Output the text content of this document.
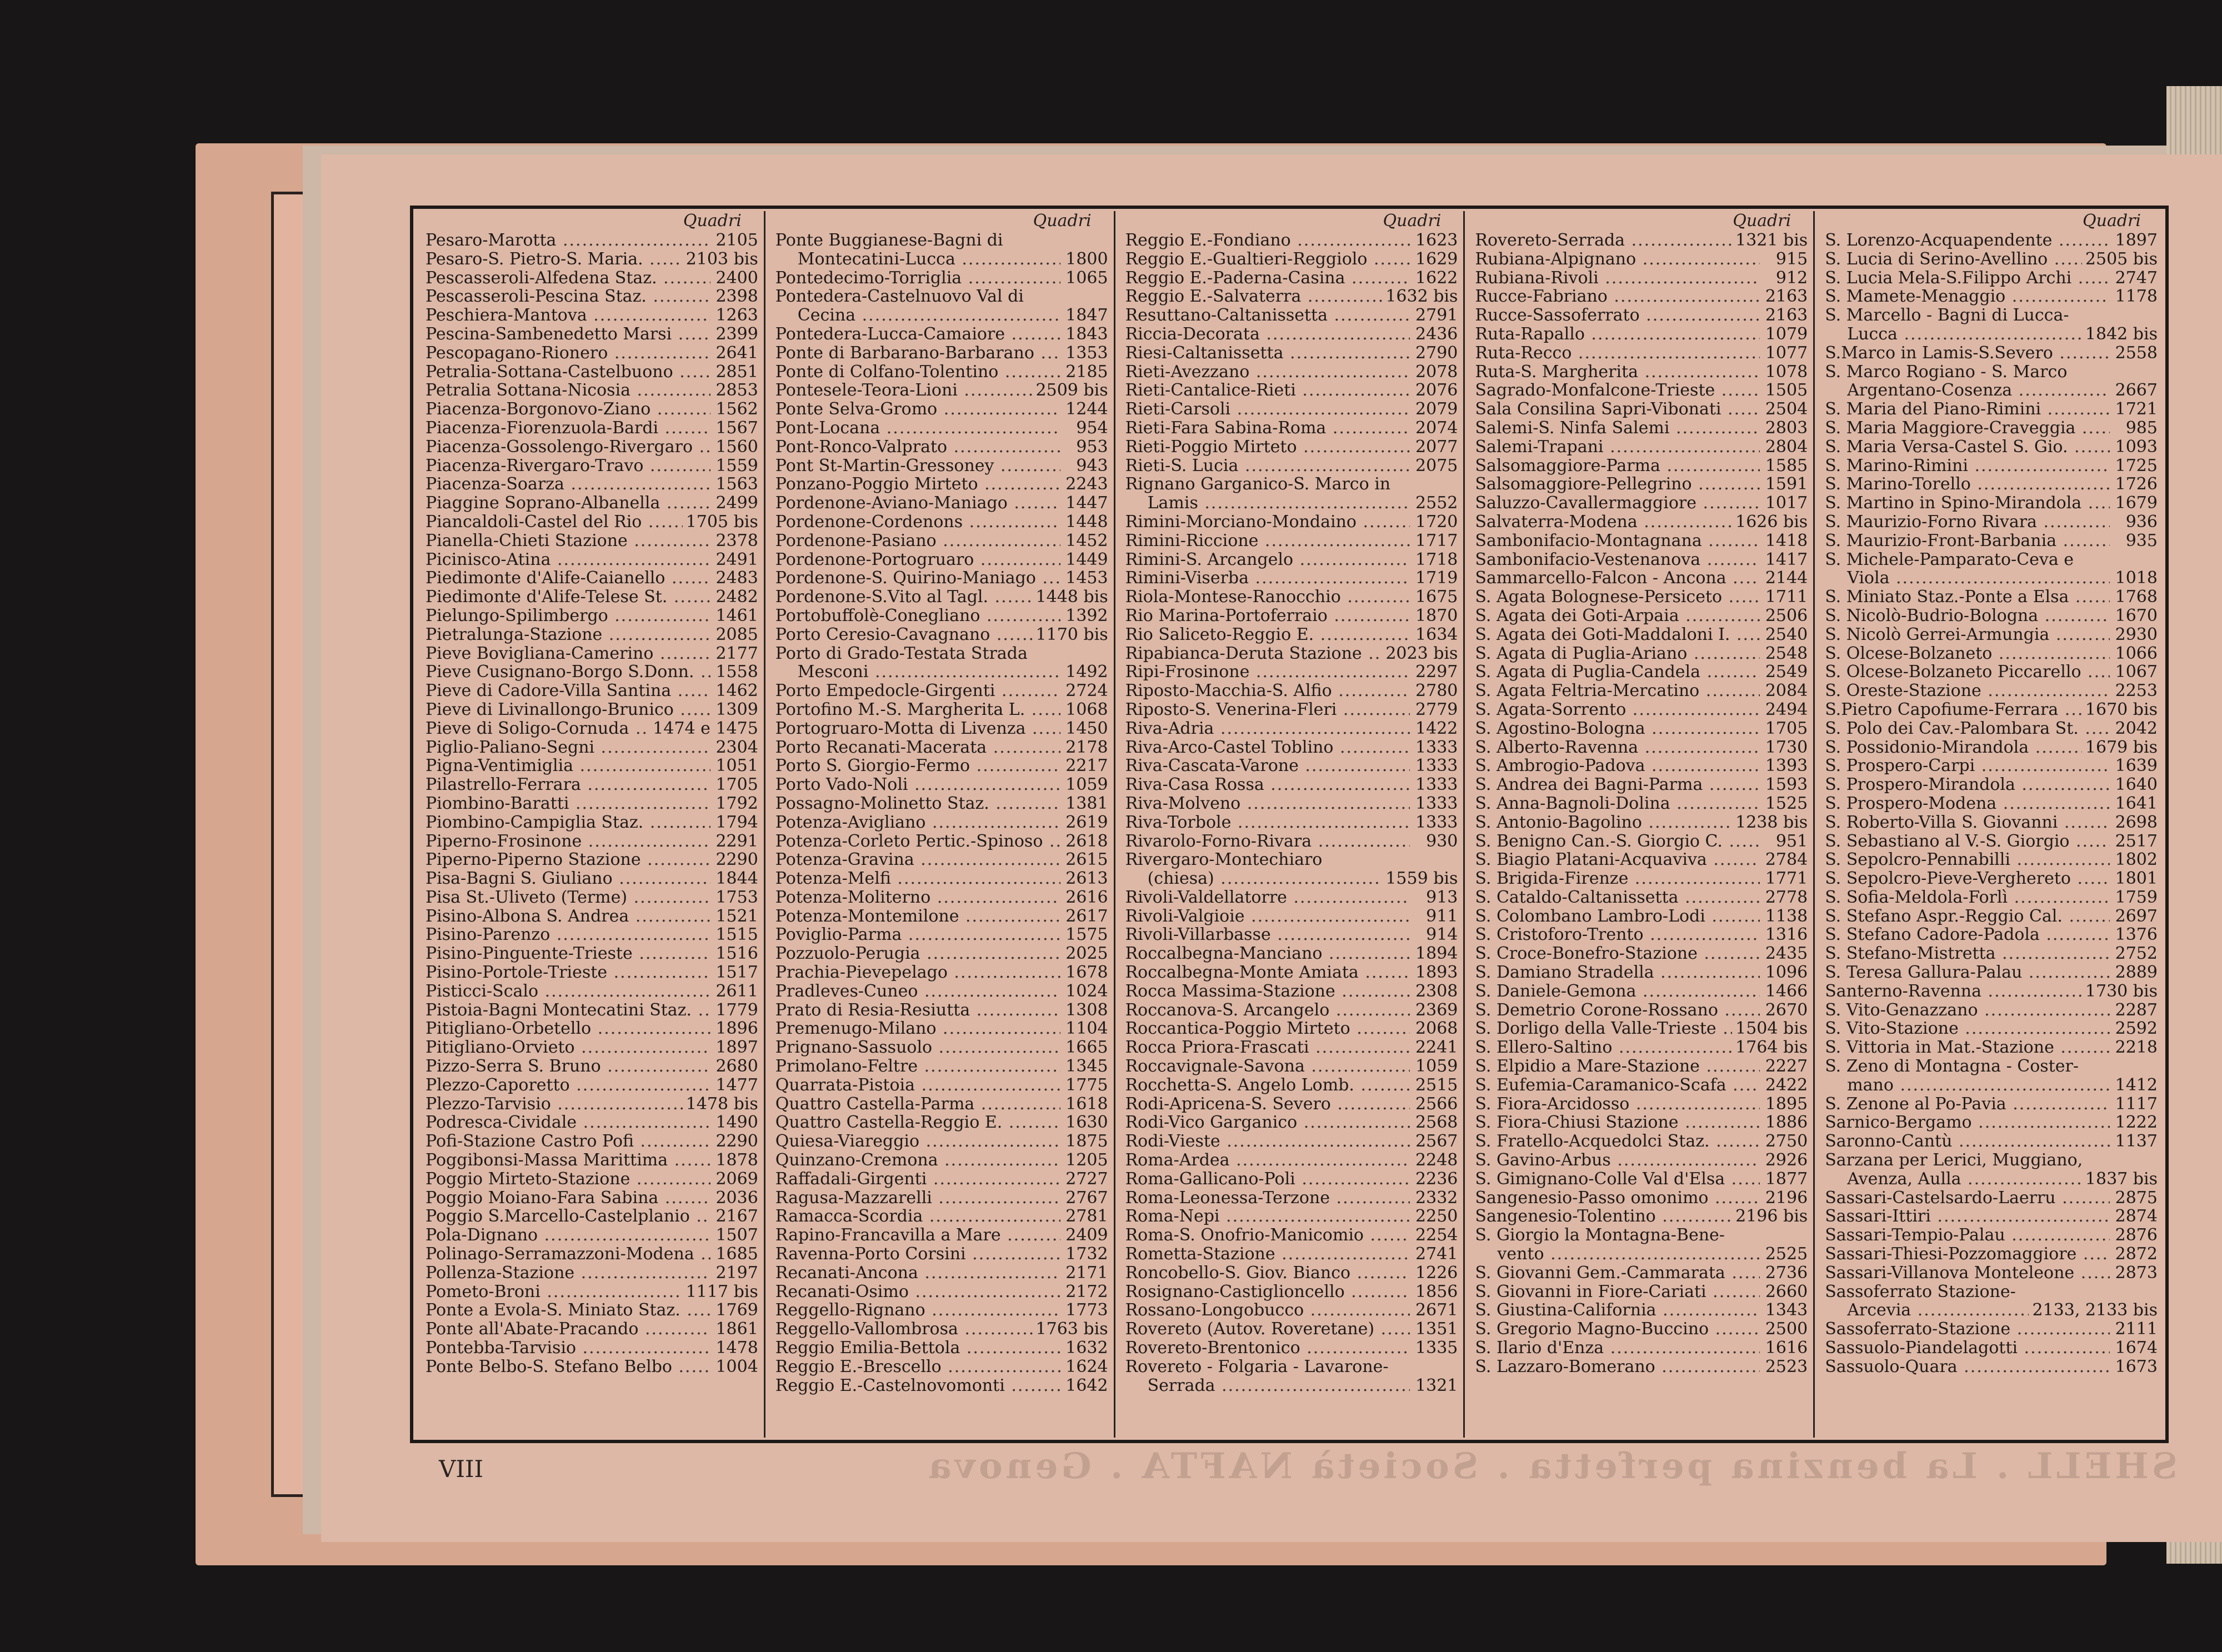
Quadri
Pesaro-Marotta .....	2105
Pesaro-S. Pietro-S. Maria. .....	2103 bis
Pescasseroli-Alfedena Staz. .....	2400
Pescasseroli-Pescina Staz. .....	2398
Peschiera-Mantova .....	1263
Pescina-Sambenedetto Marsi .....	2399
Pescopagano-Rionero .....	2641
Petralia-Sottana-Castelbuono .....	2851
Petralia Sottana-Nicosia .....	2853
Piacenza-Borgonovo-Ziano .....	1562
Piacenza-Fiorenzuola-Bardi .....	1567
Piacenza-Gossolengo-Rivergaro .....	1560
Piacenza-Rivergaro-Travo .....	1559
Piacenza-Soarza .....	1563
Piaggine Soprano-Albanella .....	2499
Piancaldoli-Castel del Rio .....	1705 bis
Pianella-Chieti Stazione .....	2378
Picinisco-Atina .....	2491
Piedimonte d'Alife-Caianello .....	2483
Piedimonte d'Alife-Telese St. .....	2482
Pielungo-Spilimbergo .....	1461
Pietralunga-Stazione .....	2085
Pieve Boviglianа-Camerino .....	2177
Pieve Cusignano-Borgo S.Donn. .....	1558
Pieve di Cadore-Villa Santina .....	1462
Pieve di Livinallongo-Brunico .....	1309
Pieve di Soligo-Cornuda .....	1474 e 1475
Piglio-Paliano-Segni .....	2304
Pigna-Ventimiglia .....	1051
Pilastrello-Ferrara .....	1705
Piombino-Baratti .....	1792
Piombino-Campiglia Staz. .....	1794
Piperno-Frosinone .....	2291
Piperno-Piperno Stazione .....	2290
Pisa-Bagni S. Giuliano .....	1844
Pisa St.-Uliveto (Terme) .....	1753
Pisino-Albona S. Andrea .....	1521
Pisino-Parenzo .....	1515
Pisino-Pinguente-Trieste .....	1516
Pisino-Portole-Trieste .....	1517
Pisticci-Scalo .....	2611
Pistoia-Bagni Montecatini Staz. .....	1779
Pitigliano-Orbetello .....	1896
Pitigliano-Orvieto .....	1897
Pizzo-Serra S. Bruno .....	2680
Plezzo-Caporetto .....	1477
Plezzo-Tarvisio .....	1478 bis
Podresca-Cividale .....	1490
Pofi-Stazione Castro Pofi .....	2290
Poggibonsi-Massa Marittima .....	1878
Poggio Mirteto-Stazione .....	2069
Poggio Moiano-Fara Sabina .....	2036
Poggio S.Marcello-Castelplanio .....	2167
Pola-Dignano .....	1507
Polinago-Serramazzoni-Modena .....	1685
Pollenza-Stazione .....	2197
Pometo-Broni .....	1117 bis
Ponte a Evola-S. Miniato Staz. .....	1769
Ponte all'Abate-Pracando .....	1861
Pontebba-Tarvisio .....	1478
Ponte Belbo-S. Stefano Belbo .....	1004
Quadri
Ponte Buggianese-Bagni di
Montecatini-Lucca .....	1800
Pontedecimo-Torriglia .....	1065
Pontedera-Castelnuovo Val di
Cecina .....	1847
Pontedera-Lucca-Camaiore .....	1843
Ponte di Barbarano-Barbarano .....	1353
Ponte di Colfano-Tolentino .....	2185
Pontesele-Teora-Lioni .....	2509 bis
Ponte Selva-Gromo .....	1244
Pont-Locana .....	954
Pont-Ronco-Valprato .....	953
Pont St-Martin-Gressoney .....	943
Ponzano-Poggio Mirteto .....	2243
Pordenone-Aviano-Maniago .....	1447
Pordenone-Cordenons .....	1448
Pordenone-Pasiano .....	1452
Pordenone-Portogruaro .....	1449
Pordenone-S. Quirino-Maniago .....	1453
Pordenone-S.Vito al Tagl. .....	1448 bis
Portobuffolè-Conegliano .....	1392
Porto Ceresio-Cavagnano .....	1170 bis
Porto di Grado-Testata Strada
Mesconi .....	1492
Porto Empedocle-Girgenti .....	2724
Portofino M.-S. Margherita L. .....	1068
Portogruaro-Motta di Livenza .....	1450
Porto Recanati-Macerata .....	2178
Porto S. Giorgio-Fermo .....	2217
Porto Vado-Noli .....	1059
Possagno-Molinetto Staz. .....	1381
Potenza-Avigliano .....	2619
Potenza-Corleto Pertic.-Spinoso .....	2618
Potenza-Gravina .....	2615
Potenza-Melfi .....	2613
Potenza-Moliterno .....	2616
Potenza-Montemilone .....	2617
Poviglio-Parma .....	1575
Pozzuolo-Perugia .....	2025
Prachia-Pievepelago .....	1678
Pradleves-Cuneo .....	1024
Prato di Resia-Resiutta .....	1308
Premenugo-Milano .....	1104
Prignano-Sassuolo .....	1665
Primolano-Feltre .....	1345
Quarrata-Pistoia .....	1775
Quattro Castella-Parma .....	1618
Quattro Castella-Reggio E. .....	1630
Quiesa-Viareggio .....	1875
Quinzano-Cremona .....	1205
Raffadali-Girgenti .....	2727
Ragusa-Mazzarelli .....	2767
Ramacca-Scordia .....	2781
Rapino-Francavilla a Mare .....	2409
Ravenna-Porto Corsini .....	1732
Recanati-Ancona .....	2171
Recanati-Osimo .....	2172
Reggello-Rignano .....	1773
Reggello-Vallombrosa .....	1763 bis
Reggio Emilia-Bettola .....	1632
Reggio E.-Brescello .....	1624
Reggio E.-Castelnovomonti .....	1642
Quadri
Reggio E.-Fondiano .....	1623
Reggio E.-Gualtieri-Reggiolo .....	1629
Reggio E.-Paderna-Casina .....	1622
Reggio E.-Salvaterra .....	1632 bis
Resuttano-Caltanissetta .....	2791
Riccia-Decorata .....	2436
Riesi-Caltanissetta .....	2790
Rieti-Avezzano .....	2078
Rieti-Cantalice-Rieti .....	2076
Rieti-Carsoli .....	2079
Rieti-Fara Sabina-Roma .....	2074
Rieti-Poggio Mirteto .....	2077
Rieti-S. Lucia .....	2075
Rignano Garganico-S. Marco in
Lamis .....	2552
Rimini-Morciano-Mondaino .....	1720
Rimini-Riccione .....	1717
Rimini-S. Arcangelo .....	1718
Rimini-Viserba .....	1719
Riola-Montese-Ranocchio .....	1675
Rio Marina-Portoferraio .....	1870
Rio Saliceto-Reggio E. .....	1634
Ripabianca-Deruta Stazione .....	2023 bis
Ripi-Frosinone .....	2297
Riposto-Macchia-S. Alfio .....	2780
Riposto-S. Venerina-Fleri .....	2779
Riva-Adria .....	1422
Riva-Arco-Castel Toblino .....	1333
Riva-Cascata-Varone .....	1333
Riva-Casa Rossa .....	1333
Riva-Molveno .....	1333
Riva-Torbole .....	1333
Rivarolo-Forno-Rivara .....	930
Rivergaro-Montechiaro
(chiesa) .....	1559 bis
Rivoli-Valdellatorre .....	913
Rivoli-Valgioie .....	911
Rivoli-Villarbasse .....	914
Roccalbegna-Manciano .....	1894
Roccalbegna-Monte Amiata .....	1893
Rocca Massima-Stazione .....	2308
Roccanova-S. Arcangelo .....	2369
Roccantica-Poggio Mirteto .....	2068
Rocca Priora-Frascati .....	2241
Roccavignale-Savona .....	1059
Rocchetta-S. Angelo Lomb. .....	2515
Rodi-Apricena-S. Severo .....	2566
Rodi-Vico Garganico .....	2568
Rodi-Vieste .....	2567
Roma-Ardea .....	2248
Roma-Gallicano-Poli .....	2236
Roma-Leonessa-Terzone .....	2332
Roma-Nepi .....	2250
Roma-S. Onofrio-Manicomio .....	2254
Rometta-Stazione .....	2741
Roncobello-S. Giov. Bianco .....	1226
Rosignano-Castiglioncello .....	1856
Rossano-Longobucco .....	2671
Rovereto (Autov. Roveretane) .....	1351
Rovereto-Brentonico .....	1335
Rovereto - Folgaria - Lavarone-
Serrada .....	1321
Quadri
Rovereto-Serrada .....	1321 bis
Rubiana-Alpignano .....	915
Rubiana-Rivoli .....	912
Rucce-Fabriano .....	2163
Rucce-Sassoferrato .....	2163
Ruta-Rapallo .....	1079
Ruta-Recco .....	1077
Ruta-S. Margherita .....	1078
Sagrado-Monfalcone-Trieste .....	1505
Sala Consilina Sapri-Vibonati .....	2504
Salemi-S. Ninfa Salemi .....	2803
Salemi-Trapani .....	2804
Salsomaggiore-Parma .....	1585
Salsomaggiore-Pellegrino .....	1591
Saluzzo-Cavallermaggiore .....	1017
Salvaterra-Modena .....	1626 bis
Sambonifacio-Montagnana .....	1418
Sambonifacio-Vestenanova .....	1417
Sammarcello-Falcon - Ancona .....	2144
S. Agata Bolognese-Persiceto .....	1711
S. Agata dei Goti-Arpaia .....	2506
S. Agata dei Goti-Maddaloni I. .....	2540
S. Agata di Puglia-Ariano .....	2548
S. Agata di Puglia-Candela .....	2549
S. Agata Feltria-Mercatino .....	2084
S. Agata-Sorrento .....	2494
S. Agostino-Bologna .....	1705
S. Alberto-Ravenna .....	1730
S. Ambrogio-Padova .....	1393
S. Andrea dei Bagni-Parma .....	1593
S. Anna-Bagnoli-Dolina .....	1525
S. Antonio-Bagolino .....	1238 bis
S. Benigno Can.-S. Giorgio C. .....	951
S. Biagio Platani-Acquaviva .....	2784
S. Brigida-Firenze .....	1771
S. Cataldo-Caltanissetta .....	2778
S. Colombano Lambro-Lodi .....	1138
S. Cristoforo-Trento .....	1316
S. Croce-Bonefro-Stazione .....	2435
S. Damiano Stradella .....	1096
S. Daniele-Gemona .....	1466
S. Demetrio Corone-Rossano .....	2670
S. Dorligo della Valle-Trieste .....	1504 bis
S. Ellero-Saltino .....	1764 bis
S. Elpidio a Mare-Stazione .....	2227
S. Eufemia-Caramanico-Scafa .....	2422
S. Fiora-Arcidosso .....	1895
S. Fiora-Chiusi Stazione .....	1886
S. Fratello-Acquedolci Staz. .....	2750
S. Gavino-Arbus .....	2926
S. Gimignano-Colle Val d'Elsa .....	1877
Sangenesio-Passo omonimo .....	2196
Sangenesio-Tolentino .....	2196 bis
S. Giorgio la Montagna-Bene-
vento .....	2525
S. Giovanni Gem.-Cammarata .....	2736
S. Giovanni in Fiore-Cariati .....	2660
S. Giustina-California .....	1343
S. Gregorio Magno-Buccino .....	2500
S. Ilario d'Enza .....	1616
S. Lazzaro-Bomerano .....	2523
Quadri
S. Lorenzo-Acquapendente .....	1897
S. Lucia di Serino-Avellino .....	2505 bis
S. Lucia Mela-S.Filippo Archi .....	2747
S. Mamete-Menaggio .....	1178
S. Marcello - Bagni di Lucca-
Lucca .....	1842 bis
S.Marco in Lamis-S.Severo .....	2558
S. Marco Rogiano - S. Marco
Argentano-Cosenza .....	2667
S. Maria del Piano-Rimini .....	1721
S. Maria Maggiore-Craveggia .....	985
S. Maria Versa-Castel S. Gio. .....	1093
S. Marino-Rimini .....	1725
S. Marino-Torello .....	1726
S. Martino in Spino-Mirandola .....	1679
S. Maurizio-Forno Rivara .....	936
S. Maurizio-Front-Barbania .....	935
S. Michele-Pamparato-Ceva e
Viola .....	1018
S. Miniato Staz.-Ponte a Elsa .....	1768
S. Nicolò-Budrio-Bologna .....	1670
S. Nicolò Gerrei-Armungia .....	2930
S. Olcese-Bolzaneto .....	1066
S. Olcese-Bolzaneto Piccarello .....	1067
S. Oreste-Stazione .....	2253
S.Pietro Capofiume-Ferrara .....	1670 bis
S. Polo dei Cav.-Palombara St. .....	2042
S. Possidonio-Mirandola .....	1679 bis
S. Prospero-Carpi .....	1639
S. Prospero-Mirandola .....	1640
S. Prospero-Modena .....	1641
S. Roberto-Villa S. Giovanni .....	2698
S. Sebastiano al V.-S. Giorgio .....	2517
S. Sepolcro-Pennabilli .....	1802
S. Sepolcro-Pieve-Verghereto .....	1801
S. Sofia-Meldola-Forlì .....	1759
S. Stefano Aspr.-Reggio Cal. .....	2697
S. Stefano Cadore-Padola .....	1376
S. Stefano-Mistretta .....	2752
S. Teresa Gallura-Palau .....	2889
Santerno-Ravenna .....	1730 bis
S. Vito-Genazzano .....	2287
S. Vito-Stazione .....	2592
S. Vittoria in Mat.-Stazione .....	2218
S. Zeno di Montagna - Coster-
mano .....	1412
S. Zenone al Po-Pavia .....	1117
Sarnico-Bergamo .....	1222
Saronno-Cantù .....	1137
Sarzana per Lerici, Muggiano,
Avenza, Aulla .....	1837 bis
Sassari-Castelsardo-Laerru .....	2875
Sassari-Ittiri .....	2874
Sassari-Tempio-Palau .....	2876
Sassari-Thiesi-Pozzomaggiore .....	2872
Sassari-Villanova Monteleone .....	2873
Sassoferrato Stazione-
Arcevia .....	2133, 2133 bis
Sassoferrato-Stazione .....	2111
Sassuolo-Piandelagotti .....	1674
Sassuolo-Quara .....	1673
VIII	SHELL . La benzina perfetta . Società NAFTA . Genova
